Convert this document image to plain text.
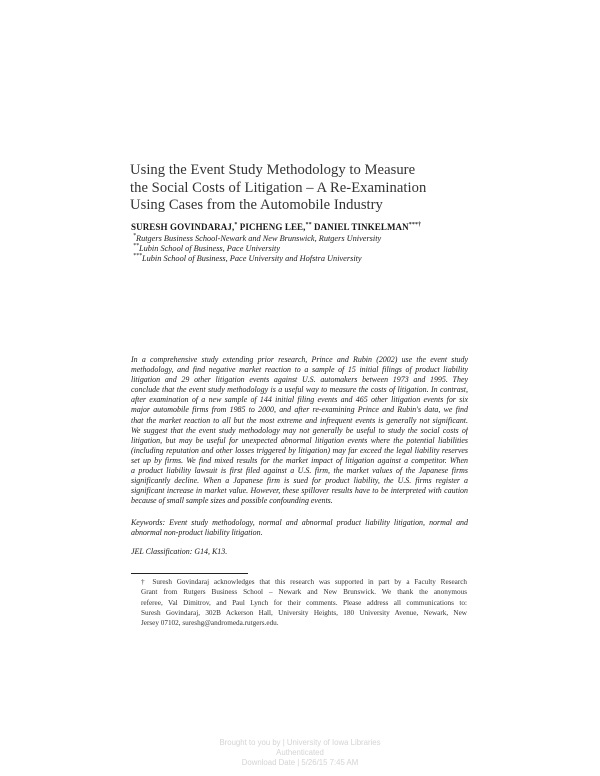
Using the Event Study Methodology to Measure
the Social Costs of Litigation – A Re-Examination
Using Cases from the Automobile Industry
SURESH GOVINDARAJ,* PICHENG LEE,** DANIEL TINKELMAN***†
*Rutgers Business School-Newark and New Brunswick, Rutgers University
**Lubin School of Business, Pace University
***Lubin School of Business, Pace University and Hofstra University
In a comprehensive study extending prior research, Prince and Rubin (2002) use the event study
methodology, and find negative market reaction to a sample of 15 initial filings of product liability
litigation and 29 other litigation events against U.S. automakers between 1973 and 1995. They
conclude that the event study methodology is a useful way to measure the costs of litigation. In contrast,
after examination of a new sample of 144 initial filing events and 465 other litigation events for six
major automobile firms from 1985 to 2000, and after re-examining Prince and Rubin's data, we find
that the market reaction to all but the most extreme and infrequent events is generally not significant.
We suggest that the event study methodology may not generally be useful to study the social costs of
litigation, but may be useful for unexpected abnormal litigation events where the potential liabilities
(including reputation and other losses triggered by litigation) may far exceed the legal liability reserves
set up by firms. We find mixed results for the market impact of litigation against a competitor. When
a product liability lawsuit is first filed against a U.S. firm, the market values of the Japanese firms
significantly decline. When a Japanese firm is sued for product liability, the U.S. firms register a
significant increase in market value. However, these spillover results have to be interpreted with caution
because of small sample sizes and possible confounding events.
Keywords: Event study methodology, normal and abnormal product liability litigation, normal and
abnormal non-product liability litigation.
JEL Classification: G14, K13.
† Suresh Govindaraj acknowledges that this research was supported in part by a Faculty Research
Grant from Rutgers Business School – Newark and New Brunswick. We thank the anonymous
referee, Val Dimitrov, and Paul Lynch for their comments. Please address all communications to:
Suresh Govindaraj, 302B Ackerson Hall, University Heights, 180 University Avenue, Newark, New
Jersey 07102, sureshg@andromeda.rutgers.edu.
Brought to you by | University of Iowa Libraries
Authenticated
Download Date | 5/26/15 7:45 AM
